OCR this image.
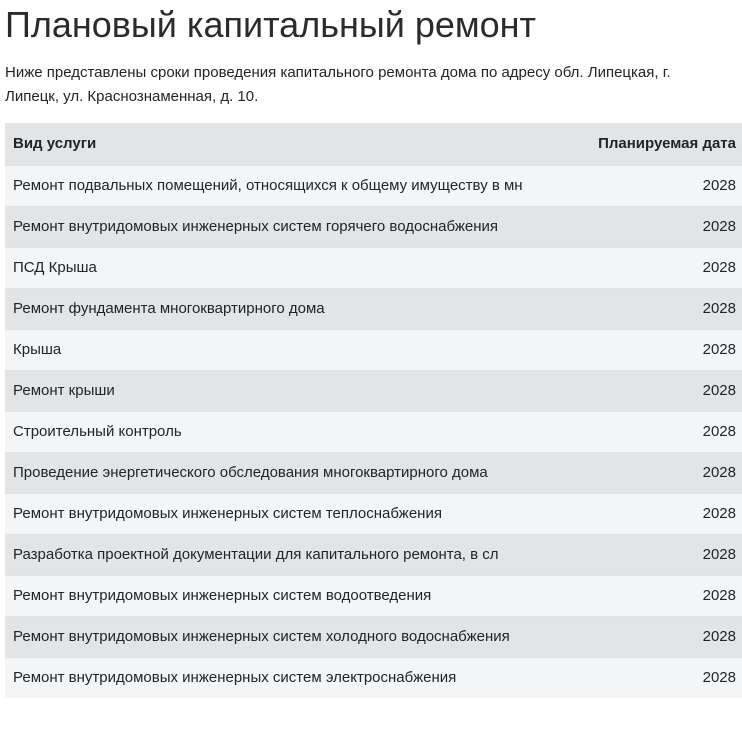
Плановый капитальный ремонт

Ниже представлены сроки проведения капитального ремонта дома по адресу обл. Липецкая, г. Липецк, ул. Краснознаменная, д. 10.

Вид услуги	Планируемая дата
Ремонт подвальных помещений, относящихся к общему имуществу в мн	2028
Ремонт внутридомовых инженерных систем горячего водоснабжения	2028
ПСД Крыша	2028
Ремонт фундамента многоквартирного дома	2028
Крыша	2028
Ремонт крыши	2028
Строительный контроль	2028
Проведение энергетического обследования многоквартирного дома	2028
Ремонт внутридомовых инженерных систем теплоснабжения	2028
Разработка проектной документации для капитального ремонта, в сл	2028
Ремонт внутридомовых инженерных систем водоотведения	2028
Ремонт внутридомовых инженерных систем холодного водоснабжения	2028
Ремонт внутридомовых инженерных систем электроснабжения	2028
